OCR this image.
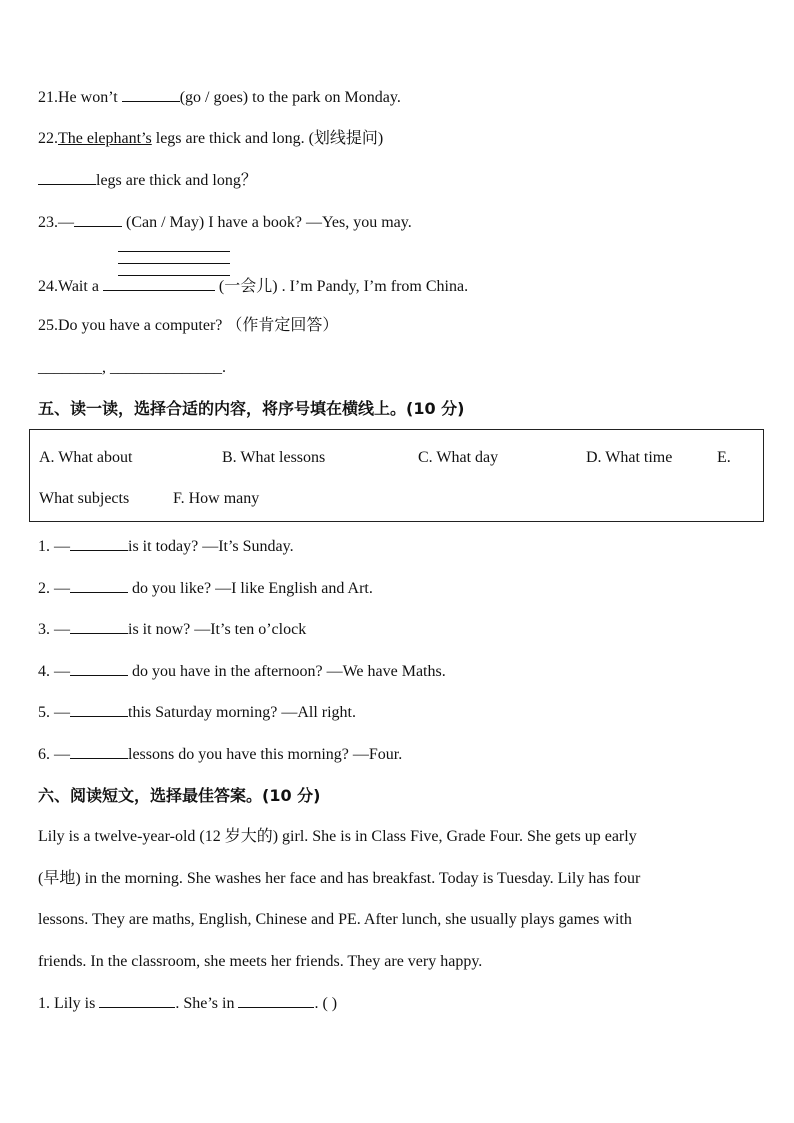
21.He won’t	(go / goes) to the park on Monday.
22.The elephant’s legs are thick and long. (划线提问)
legs are thick and long？
23.—	(Can / May) I have a book? —Yes, you may.
24.Wait a	(一会儿) . I’m Pandy, I’m from China.
25.Do you have a computer? （作肯定回答）
________, ______________.
五、读一读，选择合适的内容，将序号填在横线上。(10 分)
A. What about	B. What lessons	C. What day	D. What time	E.
What subjects	F. How many
1. —	is it today? —It’s Sunday.
2. —	do you like? —I like English and Art.
3. —	is it now? —It’s ten o’clock
4. —	do you have in the afternoon? —We have Maths.
5. —	this Saturday morning? —All right.
6. —	lessons do you have this morning? —Four.
六、阅读短文，选择最佳答案。(10 分)
Lily is a twelve-year-old (12 岁大的) girl. She is in Class Five, Grade Four. She gets up early
(早地) in the morning. She washes her face and has breakfast. Today is Tuesday. Lily has four
lessons. They are maths, English, Chinese and PE. After lunch, she usually plays games with
friends. In the classroom, she meets her friends. They are very happy.
1. Lily is	. She’s in	. ( )
